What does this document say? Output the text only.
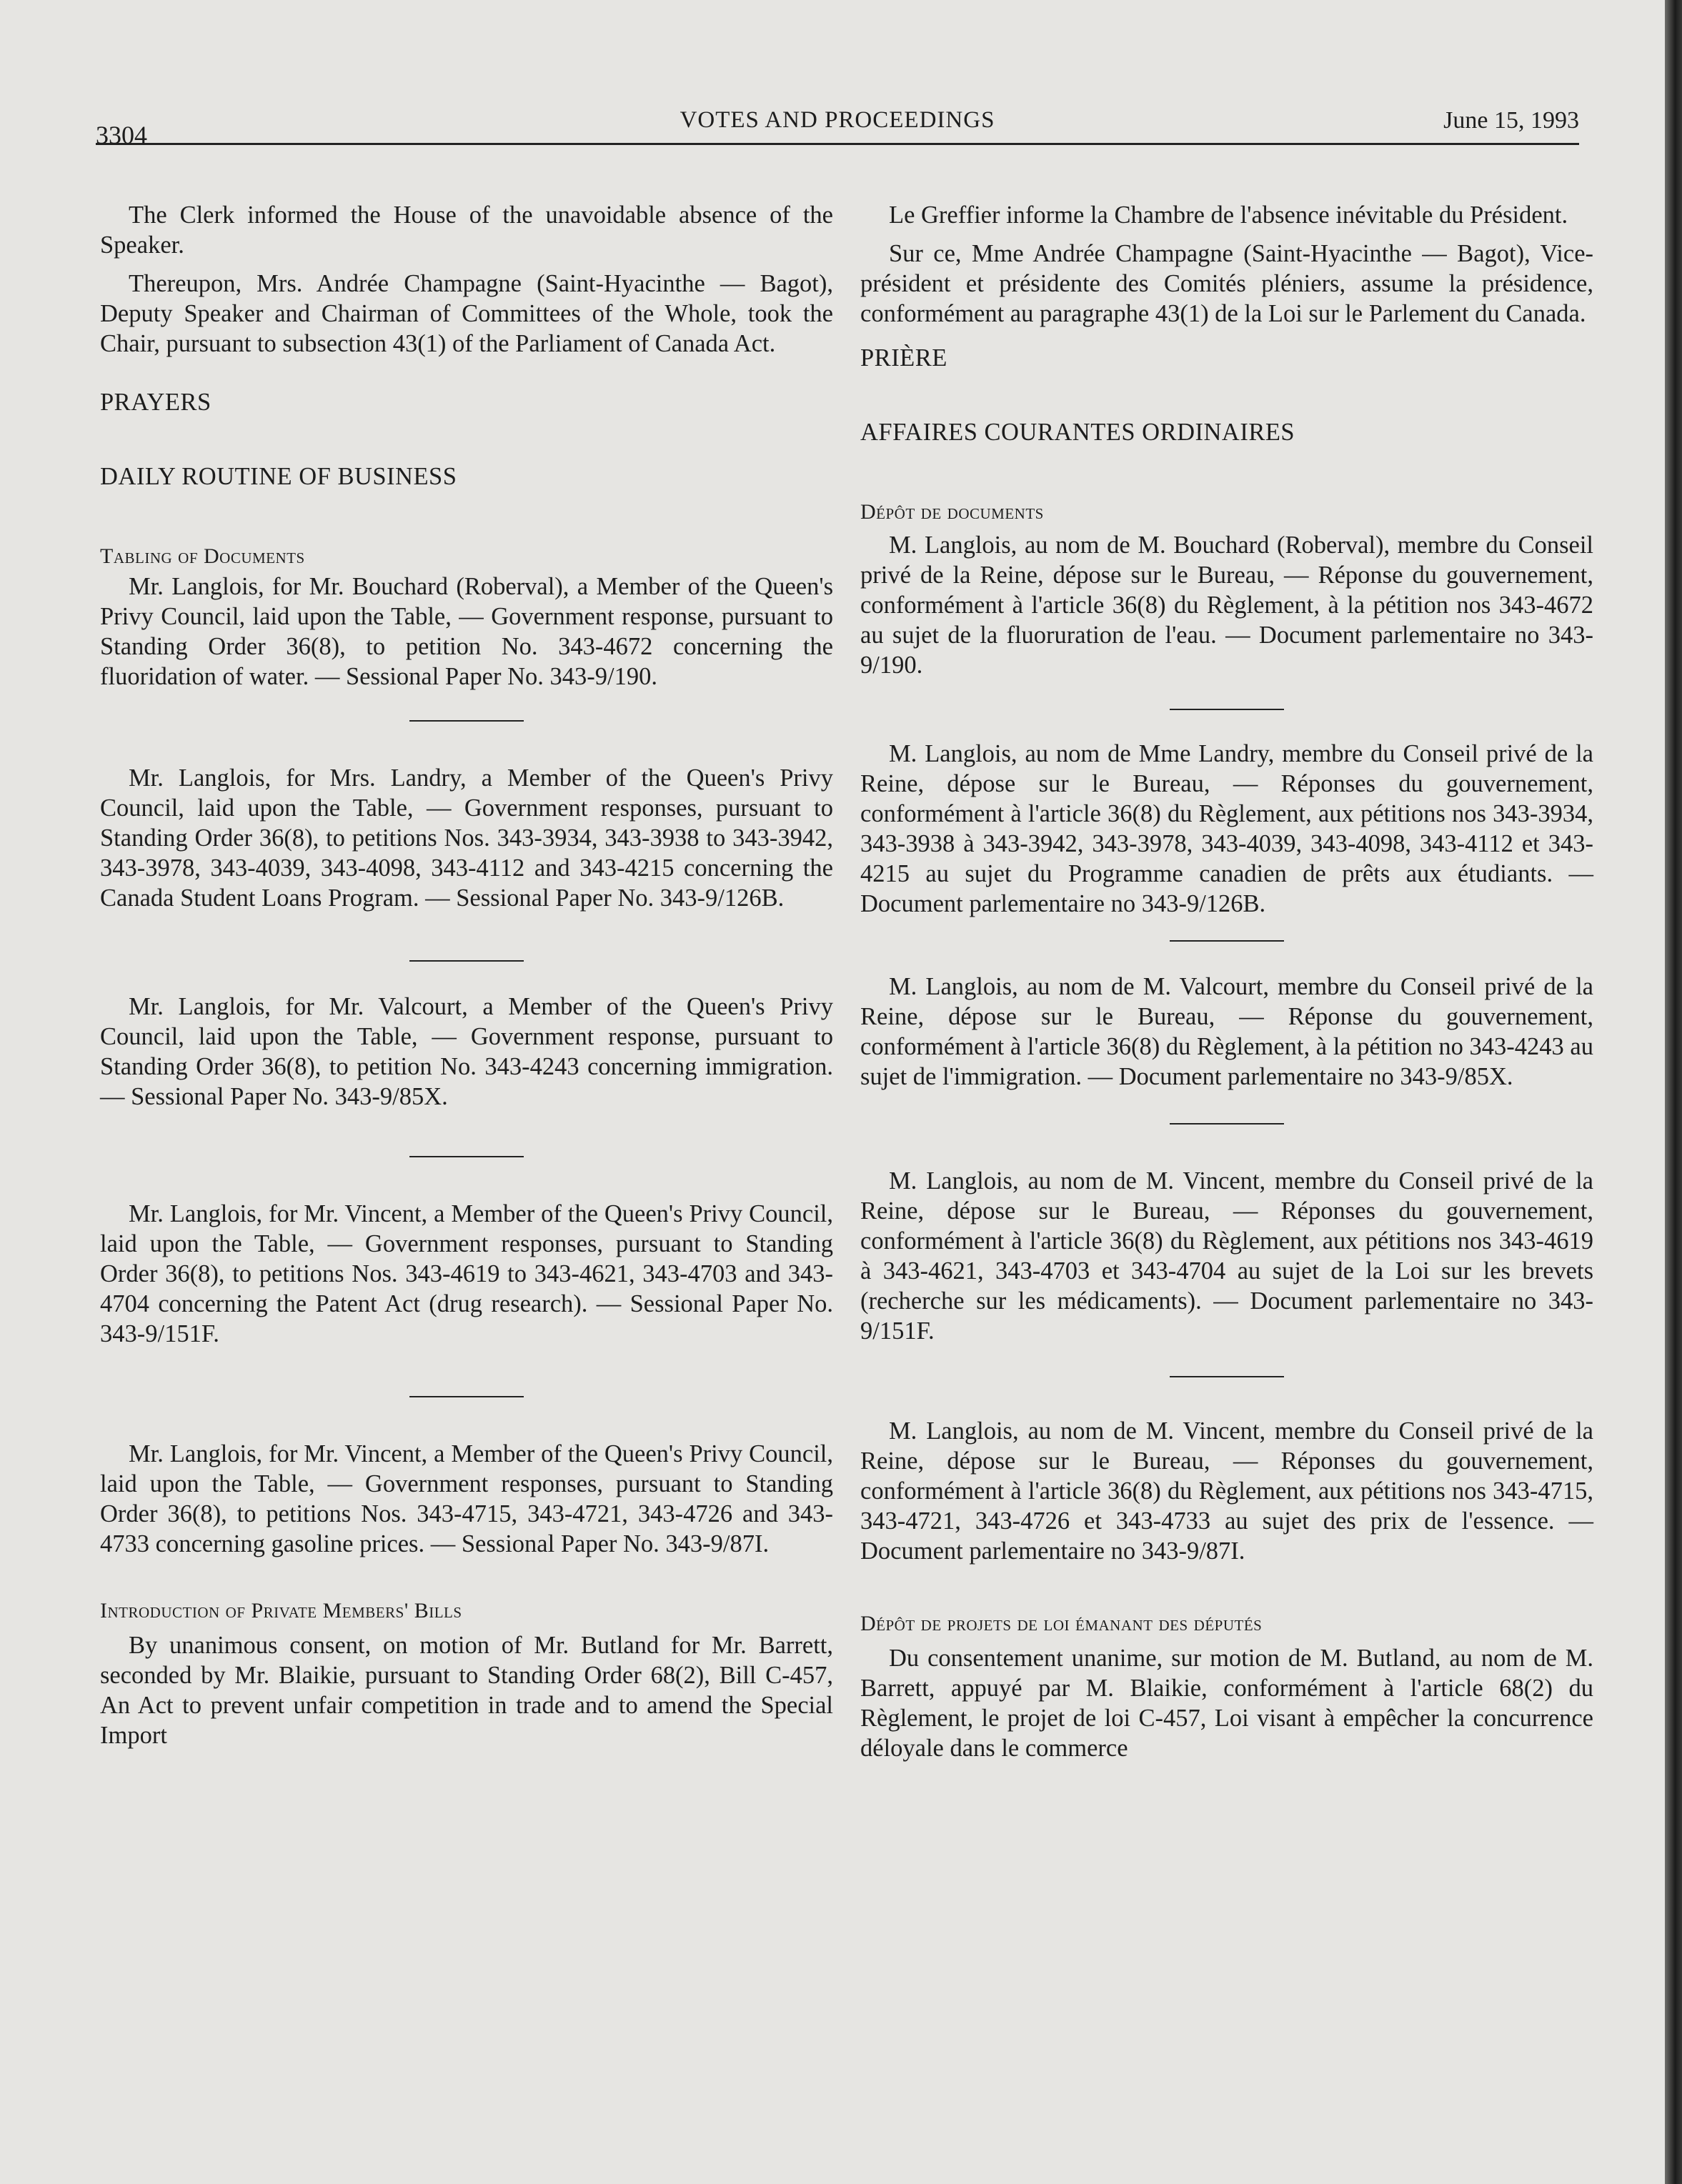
3304
VOTES AND PROCEEDINGS	June 15, 1993

The Clerk informed the House of the unavoidable absence of the Speaker.

Thereupon, Mrs. Andrée Champagne (Saint-Hyacinthe — Bagot), Deputy Speaker and Chairman of Committees of the Whole, took the Chair, pursuant to subsection 43(1) of the Parliament of Canada Act.

PRAYERS

DAILY ROUTINE OF BUSINESS

Tabling of Documents

Mr. Langlois, for Mr. Bouchard (Roberval), a Member of the Queen's Privy Council, laid upon the Table, — Government response, pursuant to Standing Order 36(8), to petition No. 343-4672 concerning the fluoridation of water. — Sessional Paper No. 343-9/190.

Mr. Langlois, for Mrs. Landry, a Member of the Queen's Privy Council, laid upon the Table, — Government responses, pursuant to Standing Order 36(8), to petitions Nos. 343-3934, 343-3938 to 343-3942, 343-3978, 343-4039, 343-4098, 343-4112 and 343-4215 concerning the Canada Student Loans Program. — Sessional Paper No. 343-9/126B.

Mr. Langlois, for Mr. Valcourt, a Member of the Queen's Privy Council, laid upon the Table, — Government response, pursuant to Standing Order 36(8), to petition No. 343-4243 concerning immigration. — Sessional Paper No. 343-9/85X.

Mr. Langlois, for Mr. Vincent, a Member of the Queen's Privy Council, laid upon the Table, — Government responses, pursuant to Standing Order 36(8), to petitions Nos. 343-4619 to 343-4621, 343-4703 and 343-4704 concerning the Patent Act (drug research). — Sessional Paper No. 343-9/151F.

Mr. Langlois, for Mr. Vincent, a Member of the Queen's Privy Council, laid upon the Table, — Government responses, pursuant to Standing Order 36(8), to petitions Nos. 343-4715, 343-4721, 343-4726 and 343-4733 concerning gasoline prices. — Sessional Paper No. 343-9/87I.

Introduction of Private Members' Bills

By unanimous consent, on motion of Mr. Butland for Mr. Barrett, seconded by Mr. Blaikie, pursuant to Standing Order 68(2), Bill C-457, An Act to prevent unfair competition in trade and to amend the Special Import

Le Greffier informe la Chambre de l'absence inévitable du Président.

Sur ce, Mme Andrée Champagne (Saint-Hyacinthe — Bagot), Vice-président et présidente des Comités pléniers, assume la présidence, conformément au paragraphe 43(1) de la Loi sur le Parlement du Canada.

PRIÈRE

AFFAIRES COURANTES ORDINAIRES

Dépôt de documents

M. Langlois, au nom de M. Bouchard (Roberval), membre du Conseil privé de la Reine, dépose sur le Bureau, — Réponse du gouvernement, conformément à l'article 36(8) du Règlement, à la pétition nos 343-4672 au sujet de la fluoruration de l'eau. — Document parlementaire no 343-9/190.

M. Langlois, au nom de Mme Landry, membre du Conseil privé de la Reine, dépose sur le Bureau, — Réponses du gouvernement, conformément à l'article 36(8) du Règlement, aux pétitions nos 343-3934, 343-3938 à 343-3942, 343-3978, 343-4039, 343-4098, 343-4112 et 343-4215 au sujet du Programme canadien de prêts aux étudiants. — Document parlementaire no 343-9/126B.

M. Langlois, au nom de M. Valcourt, membre du Conseil privé de la Reine, dépose sur le Bureau, — Réponse du gouvernement, conformément à l'article 36(8) du Règlement, à la pétition no 343-4243 au sujet de l'immigration. — Document parlementaire no 343-9/85X.

M. Langlois, au nom de M. Vincent, membre du Conseil privé de la Reine, dépose sur le Bureau, — Réponses du gouvernement, conformément à l'article 36(8) du Règlement, aux pétitions nos 343-4619 à 343-4621, 343-4703 et 343-4704 au sujet de la Loi sur les brevets (recherche sur les médicaments). — Document parlementaire no 343-9/151F.

M. Langlois, au nom de M. Vincent, membre du Conseil privé de la Reine, dépose sur le Bureau, — Réponses du gouvernement, conformément à l'article 36(8) du Règlement, aux pétitions nos 343-4715, 343-4721, 343-4726 et 343-4733 au sujet des prix de l'essence. — Document parlementaire no 343-9/87I.

Dépôt de projets de loi émanant des députés

Du consentement unanime, sur motion de M. Butland, au nom de M. Barrett, appuyé par M. Blaikie, conformément à l'article 68(2) du Règlement, le projet de loi C-457, Loi visant à empêcher la concurrence déloyale dans le commerce
